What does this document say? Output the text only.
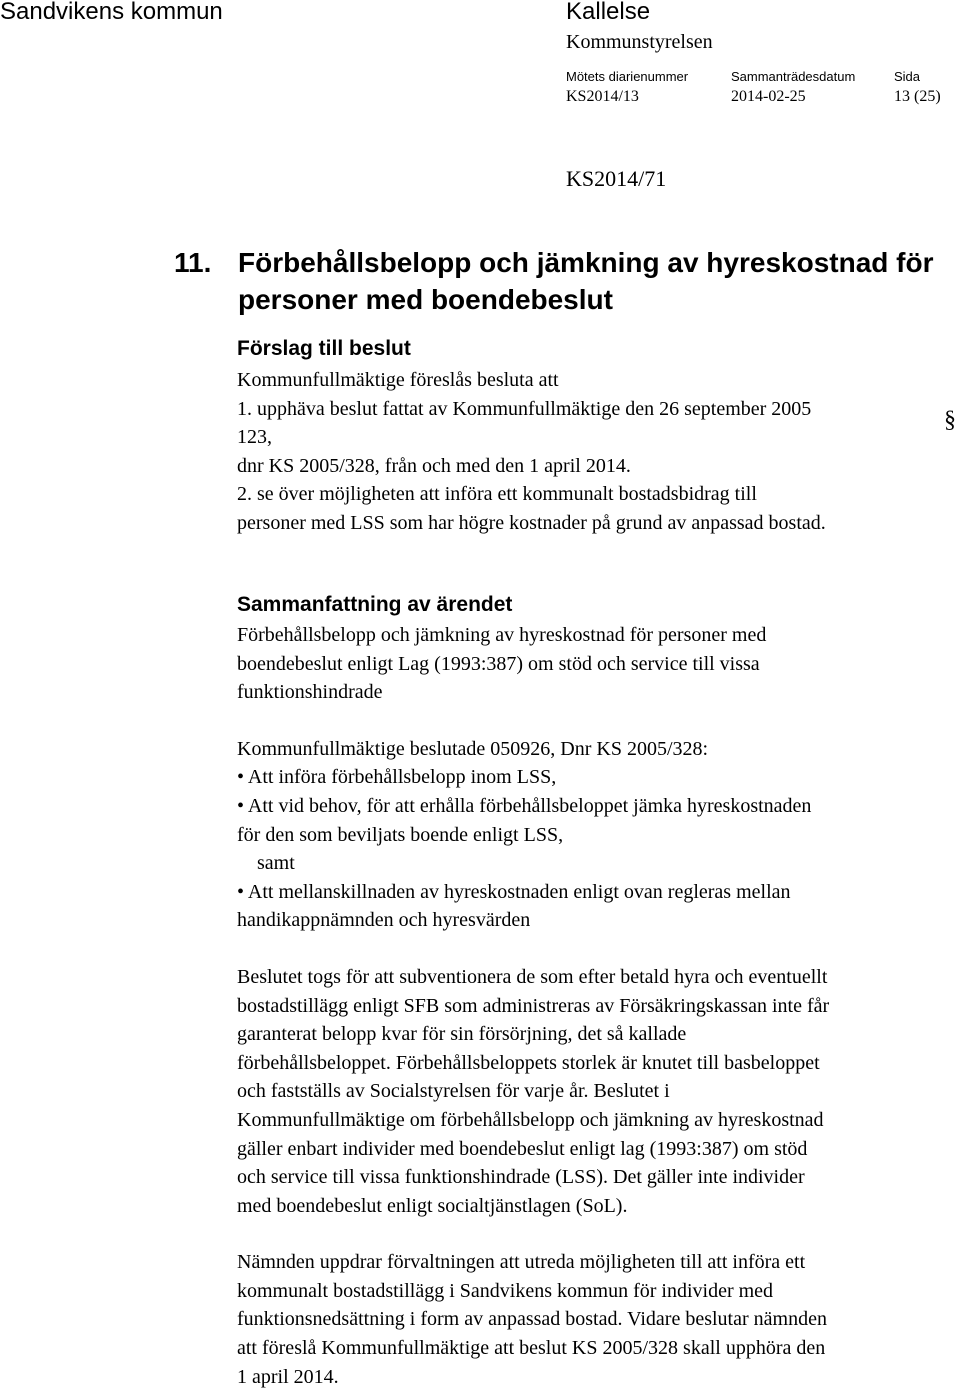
Sandvikens kommun	Kallelse
Kommunstyrelsen
Mötets diarienummer	Sammanträdesdatum	Sida
KS2014/13	2014-02-25	13 (25)
KS2014/71
11. Förbehållsbelopp och jämkning av hyreskostnad för
personer med boendebeslut
Förslag till beslut
Kommunfullmäktige föreslås besluta att
1. upphäva beslut fattat av Kommunfullmäktige den 26 september 2005
123,
dnr KS 2005/328, från och med den 1 april 2014.
2. se över möjligheten att införa ett kommunalt bostadsbidrag till
personer med LSS som har högre kostnader på grund av anpassad bostad.
§
Sammanfattning av ärendet
Förbehållsbelopp och jämkning av hyreskostnad för personer med
boendebeslut enligt Lag (1993:387) om stöd och service till vissa
funktionshindrade
Kommunfullmäktige beslutade 050926, Dnr KS 2005/328:
• Att införa förbehållsbelopp inom LSS,
• Att vid behov, för att erhålla förbehållsbeloppet jämka hyreskostnaden
för den som beviljats boende enligt LSS,
samt
• Att mellanskillnaden av hyreskostnaden enligt ovan regleras mellan
handikappnämnden och hyresvärden
Beslutet togs för att subventionera de som efter betald hyra och eventuellt
bostadstillägg enligt SFB som administreras av Försäkringskassan inte får
garanterat belopp kvar för sin försörjning, det så kallade
förbehållsbeloppet. Förbehållsbeloppets storlek är knutet till basbeloppet
och fastställs av Socialstyrelsen för varje år. Beslutet i
Kommunfullmäktige om förbehållsbelopp och jämkning av hyreskostnad
gäller enbart individer med boendebeslut enligt lag (1993:387) om stöd
och service till vissa funktionshindrade (LSS). Det gäller inte individer
med boendebeslut enligt socialtjänstlagen (SoL).
Nämnden uppdrar förvaltningen att utreda möjligheten till att införa ett
kommunalt bostadstillägg i Sandvikens kommun för individer med
funktionsnedsättning i form av anpassad bostad. Vidare beslutar nämnden
att föreslå Kommunfullmäktige att beslut KS 2005/328 skall upphöra den
1 april 2014.
